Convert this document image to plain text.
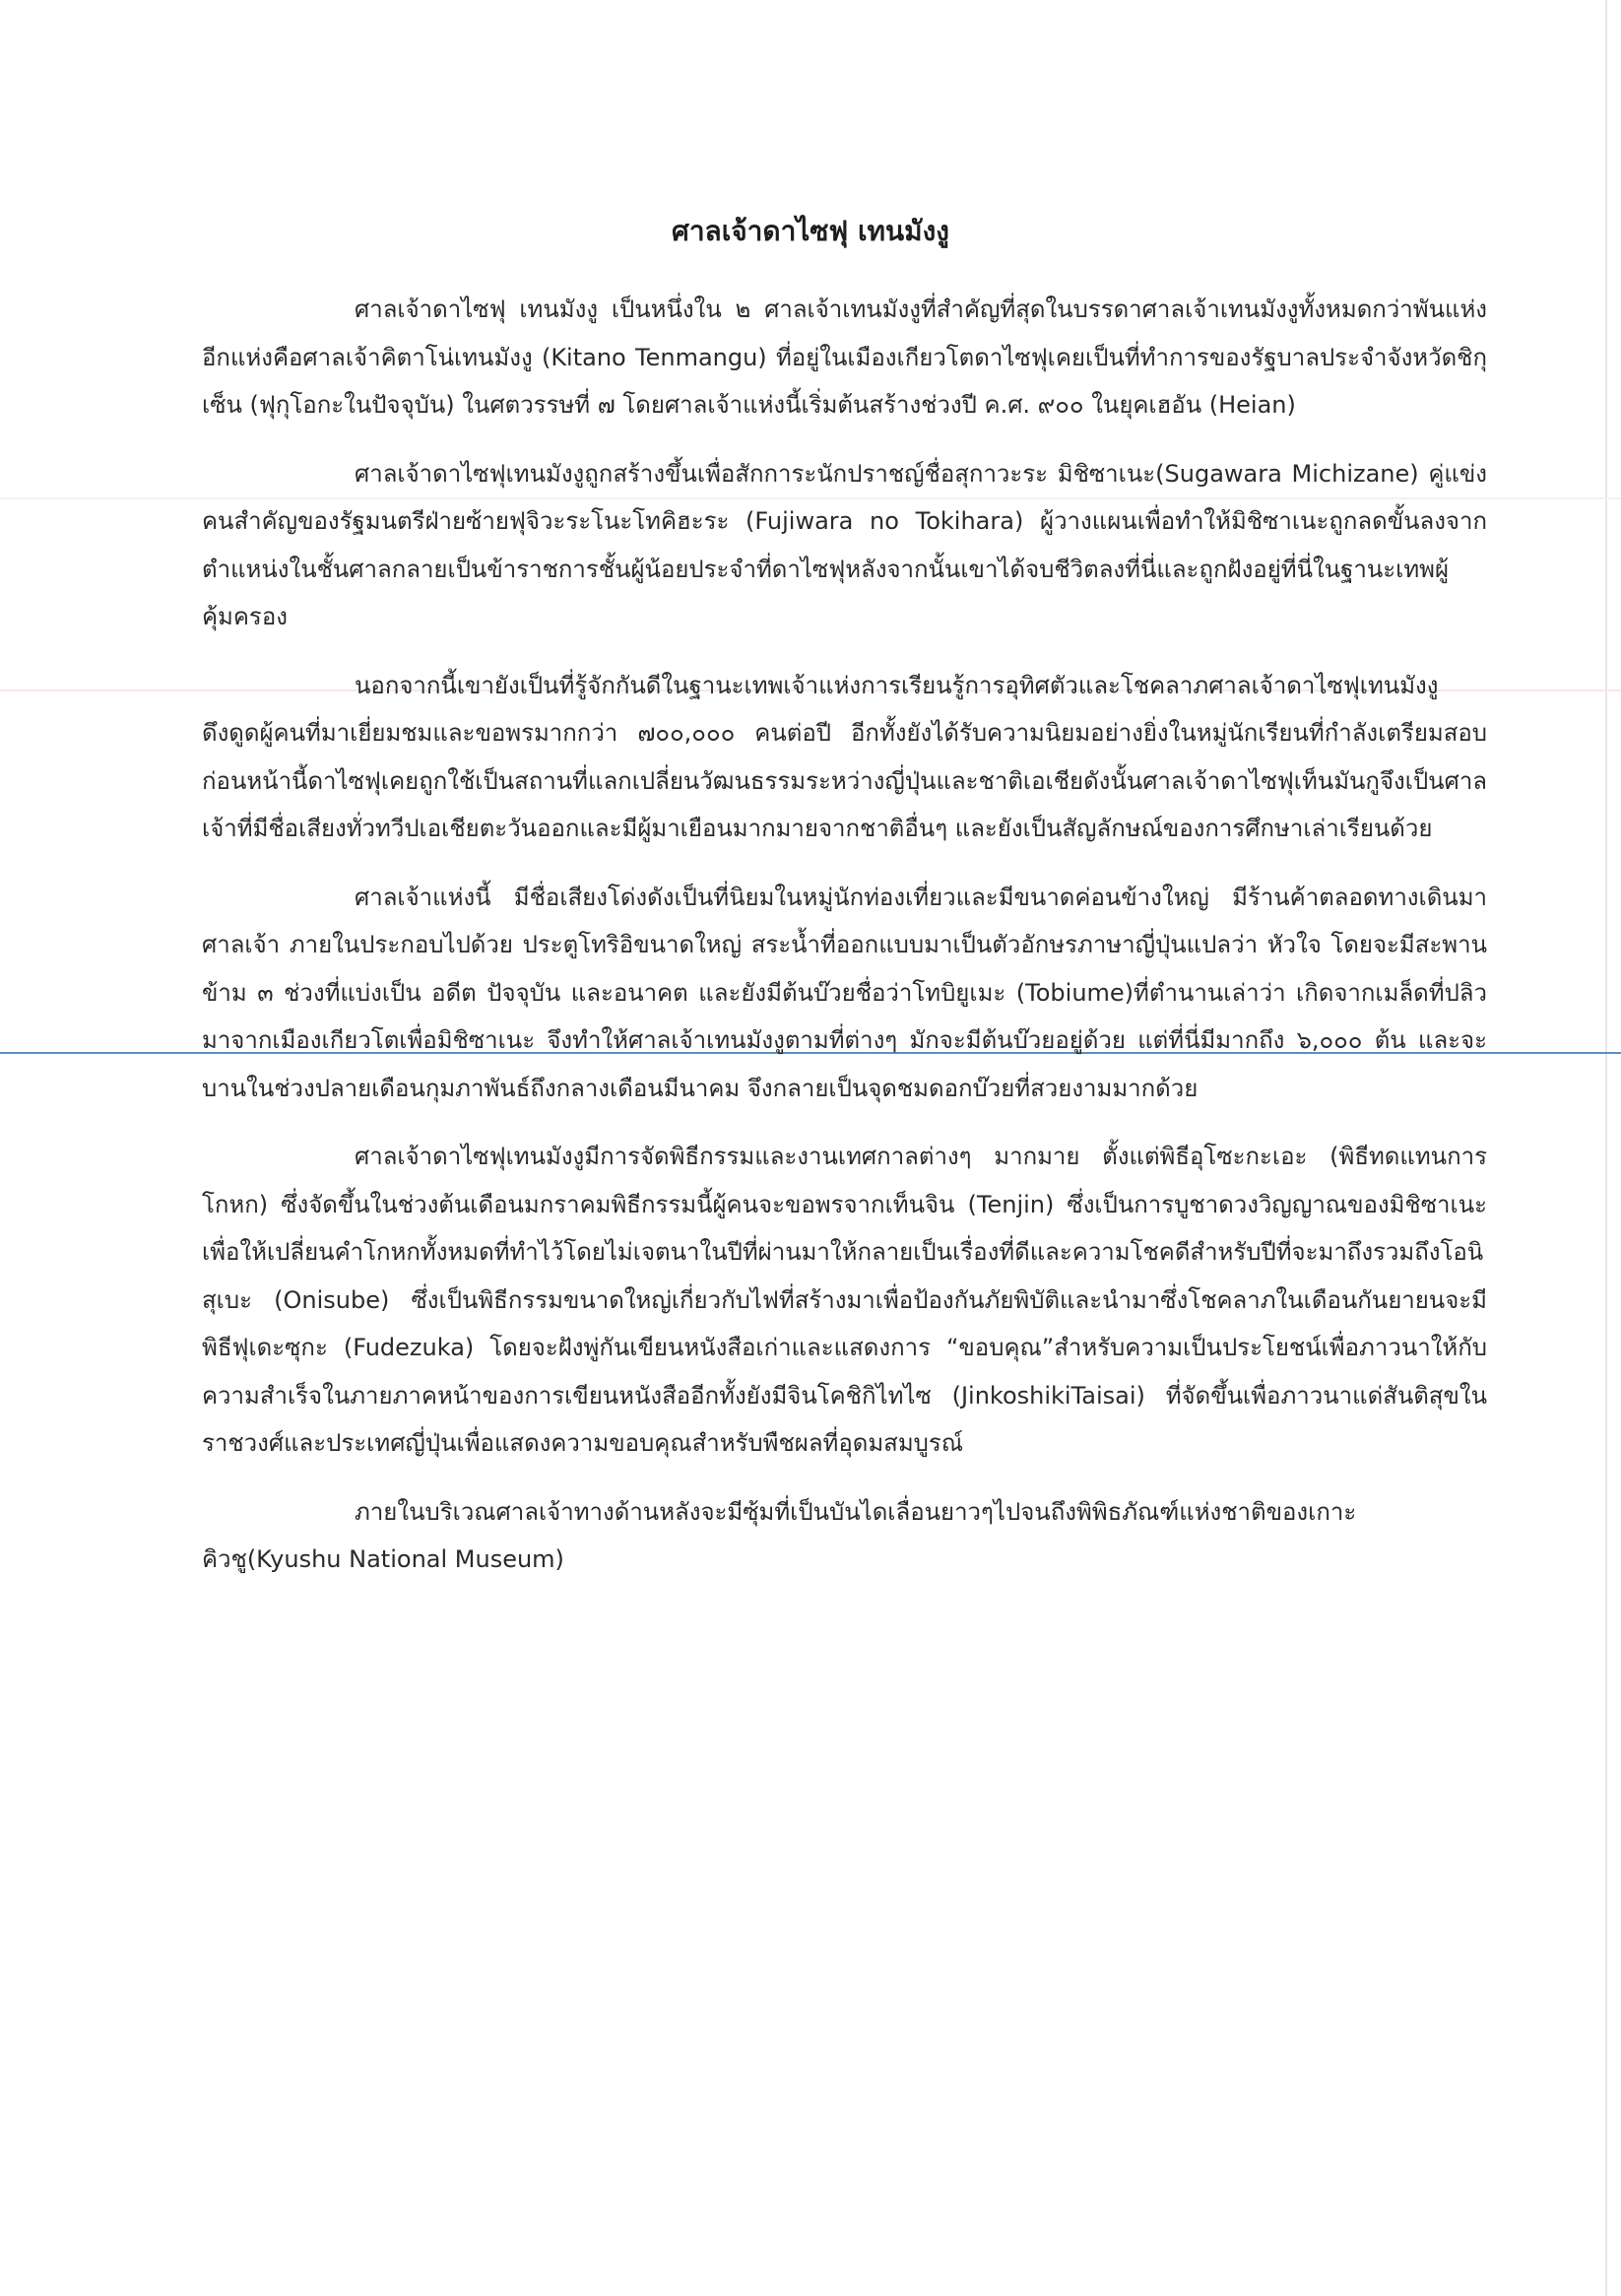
ศาลเจ้าดาไซฟุ เทนมังงู

ศาลเจ้าดาไซฟุ เทนมังงู เป็นหนึ่งใน ๒ ศาลเจ้าเทนมังงูที่สำคัญที่สุดในบรรดาศาลเจ้าเทนมังงูทั้งหมดกว่าพันแห่ง อีกแห่งคือศาลเจ้าคิตาโน่เทนมังงู (Kitano Tenmangu) ที่อยู่ในเมืองเกียวโตดาไซฟุเคยเป็นที่ทำการของรัฐบาลประจำจังหวัดชิกุเซ็น (ฟุกุโอกะในปัจจุบัน) ในศตวรรษที่ ๗ โดยศาลเจ้าแห่งนี้เริ่มต้นสร้างช่วงปี ค.ศ. ๙๐๐ ในยุคเฮอัน (Heian)

ศาลเจ้าดาไซฟุเทนมังงูถูกสร้างขึ้นเพื่อสักการะนักปราชญ์ชื่อสุกาวะระ มิชิซาเนะ(Sugawara Michizane) คู่แข่งคนสำคัญของรัฐมนตรีฝ่ายซ้ายฟุจิวะระโนะโทคิฮะระ (Fujiwara no Tokihara) ผู้วางแผนเพื่อทำให้มิชิซาเนะถูกลดขั้นลงจากตำแหน่งในชั้นศาลกลายเป็นข้าราชการชั้นผู้น้อยประจำที่ดาไซฟุหลังจากนั้นเขาได้จบชีวิตลงที่นี่และถูกฝังอยู่ที่นี่ในฐานะเทพผู้คุ้มครอง

นอกจากนี้เขายังเป็นที่รู้จักกันดีในฐานะเทพเจ้าแห่งการเรียนรู้การอุทิศตัวและโชคลาภศาลเจ้าดาไซฟุเทนมังงู ดึงดูดผู้คนที่มาเยี่ยมชมและขอพรมากกว่า ๗๐๐,๐๐๐ คนต่อปี อีกทั้งยังได้รับความนิยมอย่างยิ่งในหมู่นักเรียนที่กำลังเตรียมสอบก่อนหน้านี้ดาไซฟุเคยถูกใช้เป็นสถานที่แลกเปลี่ยนวัฒนธรรมระหว่างญี่ปุ่นและชาติเอเชียดังนั้นศาลเจ้าดาไซฟุเท็นมันกูจึงเป็นศาลเจ้าที่มีชื่อเสียงทั่วทวีปเอเชียตะวันออกและมีผู้มาเยือนมากมายจากชาติอื่นๆ และยังเป็นสัญลักษณ์ของการศึกษาเล่าเรียนด้วย

ศาลเจ้าแห่งนี้ มีชื่อเสียงโด่งดังเป็นที่นิยมในหมู่นักท่องเที่ยวและมีขนาดค่อนข้างใหญ่ มีร้านค้าตลอดทางเดินมาศาลเจ้า ภายในประกอบไปด้วย ประตูโทริอิขนาดใหญ่ สระน้ำที่ออกแบบมาเป็นตัวอักษรภาษาญี่ปุ่นแปลว่า หัวใจ โดยจะมีสะพานข้าม ๓ ช่วงที่แบ่งเป็น อดีต ปัจจุบัน และอนาคต และยังมีต้นบ๊วยชื่อว่าโทบิยูเมะ (Tobiume)ที่ตำนานเล่าว่า เกิดจากเมล็ดที่ปลิวมาจากเมืองเกียวโตเพื่อมิชิซาเนะ จึงทำให้ศาลเจ้าเทนมังงูตามที่ต่างๆ มักจะมีต้นบ๊วยอยู่ด้วย แต่ที่นี่มีมากถึง ๖,๐๐๐ ต้น และจะบานในช่วงปลายเดือนกุมภาพันธ์ถึงกลางเดือนมีนาคม จึงกลายเป็นจุดชมดอกบ๊วยที่สวยงามมากด้วย

ศาลเจ้าดาไซฟุเทนมังงูมีการจัดพิธีกรรมและงานเทศกาลต่างๆ มากมาย ตั้งแต่พิธีอุโซะกะเอะ (พิธีทดแทนการโกหก) ซึ่งจัดขึ้นในช่วงต้นเดือนมกราคมพิธีกรรมนี้ผู้คนจะขอพรจากเท็นจิน (Tenjin) ซึ่งเป็นการบูชาดวงวิญญาณของมิชิซาเนะเพื่อให้เปลี่ยนคำโกหกทั้งหมดที่ทำไว้โดยไม่เจตนาในปีที่ผ่านมาให้กลายเป็นเรื่องที่ดีและความโชคดีสำหรับปีที่จะมาถึงรวมถึงโอนิสุเบะ (Onisube) ซึ่งเป็นพิธีกรรมขนาดใหญ่เกี่ยวกับไฟที่สร้างมาเพื่อป้องกันภัยพิบัติและนำมาซึ่งโชคลาภในเดือนกันยายนจะมีพิธีฟุเดะซุกะ (Fudezuka) โดยจะฝังพู่กันเขียนหนังสือเก่าและแสดงการ “ขอบคุณ”สำหรับความเป็นประโยชน์เพื่อภาวนาให้กับความสำเร็จในภายภาคหน้าของการเขียนหนังสืออีกทั้งยังมีจินโคชิกิไทไซ (JinkoshikiTaisai) ที่จัดขึ้นเพื่อภาวนาแด่สันติสุขในราชวงศ์และประเทศญี่ปุ่นเพื่อแสดงความขอบคุณสำหรับพืชผลที่อุดมสมบูรณ์

ภายในบริเวณศาลเจ้าทางด้านหลังจะมีซุ้มที่เป็นบันไดเลื่อนยาวๆไปจนถึงพิพิธภัณฑ์แห่งชาติของเกาะคิวชู(Kyushu National Museum)
